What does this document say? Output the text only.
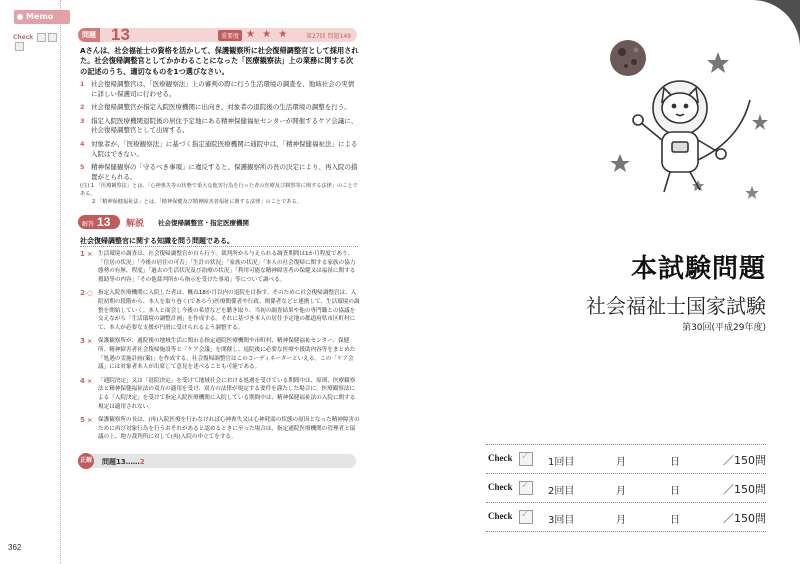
Memo
Check	問題 13	重要度 ★ ★ ★	第27回 問題149
Aさんは、社会福祉士の資格を活かして、保護観察所に社会復帰調整官として採用された。社会復帰調整官としてかかわることになった「医療観察法」上の業務に関する次の記述のうち、適切なものを1つ選びなさい。
1 社会復帰調整官は、「医療観察法」上の審判の際に行う生活環境の調査を、地域社会の実情に詳しい保護司に行わせる。
2 社会復帰調整官が指定入院医療機関に出向き、対象者の退院後の生活環境の調整を行う。
3 指定入院医療機関退院後の居住予定地にある精神保健福祉センターが開催するケア会議に、社会復帰調整官として出席する。
4 対象者が、「医療観察法」に基づく指定通院医療機関に通院中は、「精神保健福祉法」による入院はできない。
5 精神保健観察の「守るべき事項」に違反すると、保護観察所の長の決定により、再入院の措置がとられる。
(注) 1 「医療観察法」とは、「心神喪失等の状態で重大な他害行為を行った者の医療及び観察等に関する法律」のことである。
2 「精神保健福祉法」とは、「精神保健及び精神障害者福祉に関する法律」のことである。
解答 13	解説 社会復帰調整官・指定医療機関
社会復帰調整官に関する知識を問う問題である。
1 × 生活環境の調査は、社会復帰調整官が自ら行う。裁判所から与えられる調査期間は1か月程度であり、「住居の状況」「今後の居住の可否」「生計の状況」「家族の状況」「本人の社会復帰に関する家族の協力態勢の有無、程度」「過去の生活状況及び治療の状況」「利用可能な精神障害者の保健又は福祉に関する援助等の内容」「その他裁判所から指示を受けた事項」等について調べる。
2 ○ 指定入院医療機関に入院した者は、概ね18か月以内の退院を目指す。そのために社会復帰調整官は、入院初期の段階から、本人を取り巻く(であろう)医療関係者や行政、関係者などと連携して、生活環境の調整を開始していく。本人と面会し今後の希望などを聴き取り、当初の調査結果や他の専門職との協議を交えながら「生活環境の調整計画」を作成する。それに基づき本人の居住予定地の都道府県市区町村にて、本人が必要な支援が円滑に受けられるよう調整する。
3 × 保護観察所が、通院後の地域生活に関わる指定通院医療機関や市町村、精神保健福祉センター、保健所、精神障害者社会復帰施設等と「ケア会議」を開催し、退院後に必要な医療や援助内容等をまとめた「処遇の実施計画(案)」を作成する。社会復帰調整官はこのコーディネーターといえる。この「ケア会議」には対象者本人が出席して意見を述べることも可能である。
4 × 「通院決定」又は「退院決定」を受けて地域社会における処遇を受けている期間中は、原則、医療観察法と精神保健福祉法の双方の適用を受け、双方の法律が規定する要件を満たした場合に、医療観察法による「入院決定」を受けて指定入院医療機関に入院している期間中は、精神保健福祉法の入院に関する規定は適用されない。
5 × 保護観察所の長は、(再)入院医療を行わなければ心神喪失又は心神耗弱の状態の原因となった精神障害のために再び対象行為を行うおそれがあると認めるときに至った場合は、指定通院医療機関の管理者と協議の上、地方裁判所に対して(再)入院の申立てをする。
正解 問題13……2
362
本試験問題
社会福祉士国家試験
第30回(平成29年度)
Check ✓	1回目	月	日	／150問
Check ✓	2回目	月	日	／150問
Check ✓	3回目	月	日	／150問
